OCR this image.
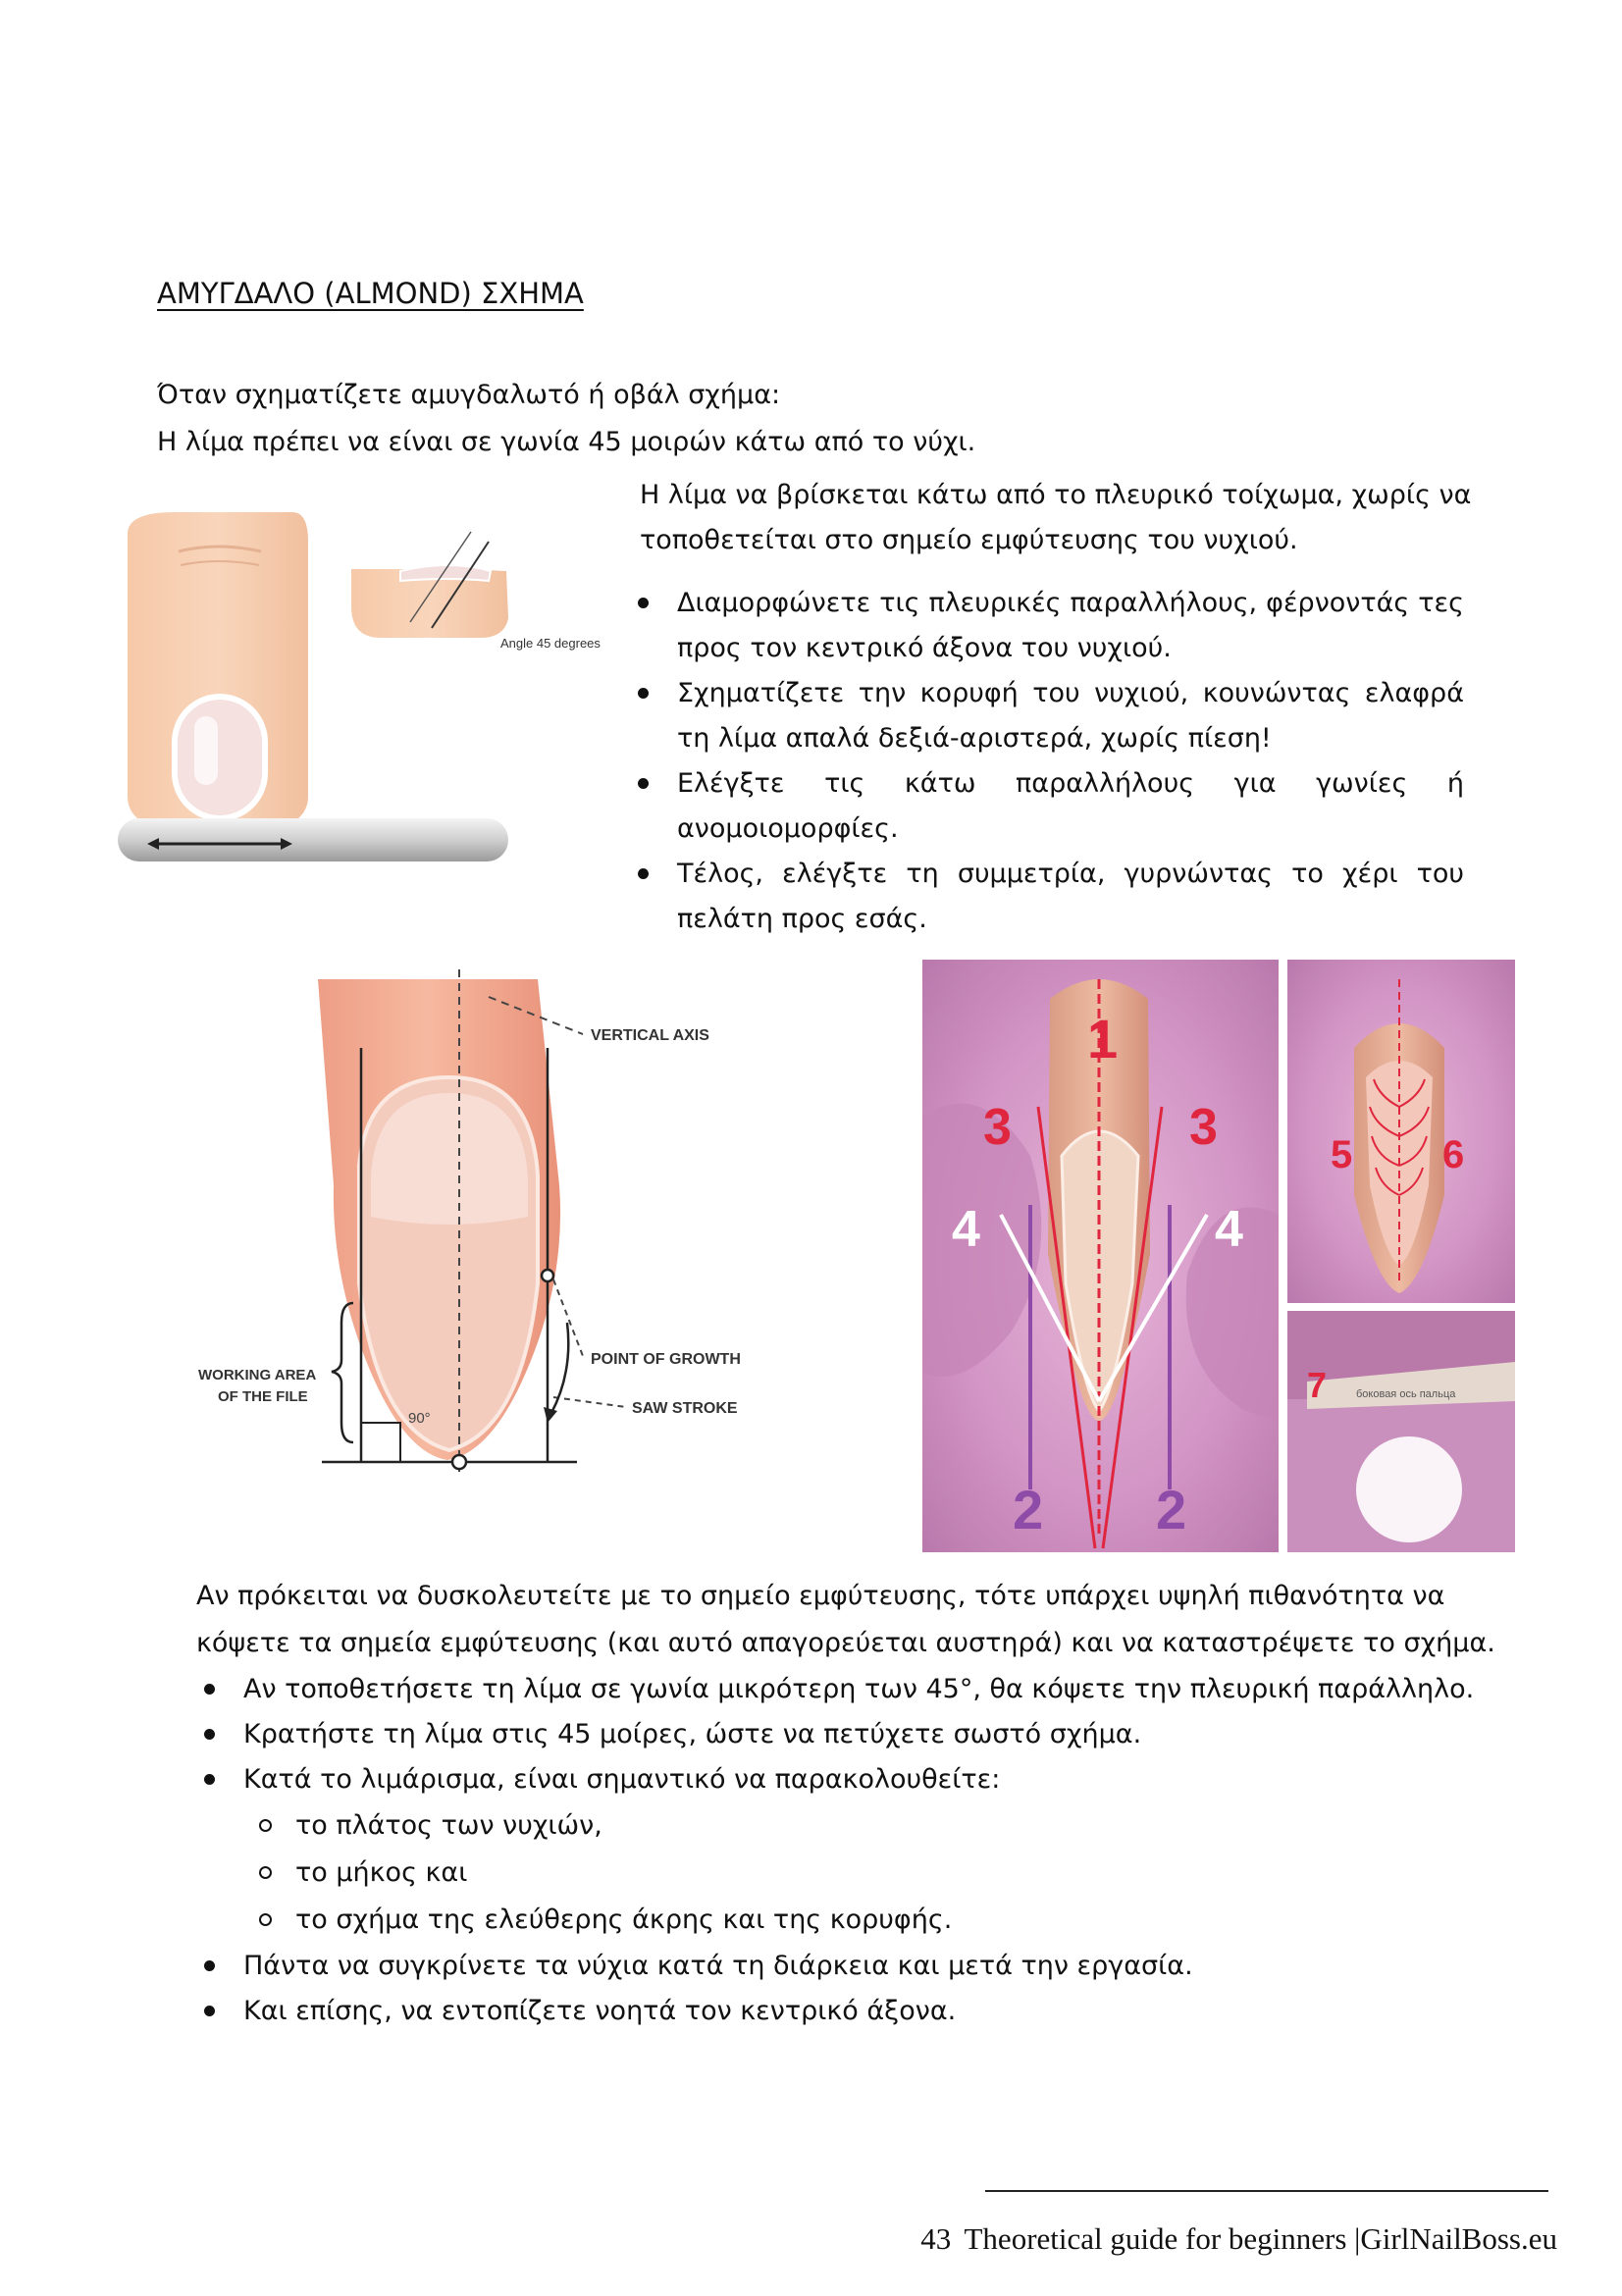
ΑΜΥΓΔΑΛΟ (ALMOND) ΣΧΗΜΑ
Όταν σχηματίζετε αμυγδαλωτό ή οβάλ σχήμα:
Η λίμα πρέπει να είναι σε γωνία 45 μοιρών κάτω από το νύχι.
Angle 45 degrees
Η λίμα να βρίσκεται κάτω από το πλευρικό τοίχωμα, χωρίς να
τοποθετείται στο σημείο εμφύτευσης του νυχιού.
Διαμορφώνετε τις πλευρικές παραλλήλους, φέρνοντάς τες προς τον κεντρικό άξονα του νυχιού.
Σχηματίζετε την κορυφή του νυχιού, κουνώντας ελαφρά τη λίμα απαλά δεξιά-αριστερά, χωρίς πίεση!
Ελέγξτε τις κάτω παραλλήλους για γωνίες ή ανομοιομορφίες.
Τέλος, ελέγξτε τη συμμετρία, γυρνώντας το χέρι του πελάτη προς εσάς.
VERTICAL AXIS
POINT OF GROWTH
SAW STROKE
WORKING AREA
OF THE FILE
90°
1
2 2
3	3
4	4
5 6
боковая ось пальца
7
Αν πρόκειται να δυσκολευτείτε με το σημείο εμφύτευσης, τότε υπάρχει υψηλή πιθανότητα να κόψετε τα σημεία εμφύτευσης (και αυτό απαγορεύεται αυστηρά) και να καταστρέψετε το σχήμα.
Αν τοποθετήσετε τη λίμα σε γωνία μικρότερη των 45°, θα κόψετε την πλευρική παράλληλο.
Κρατήστε τη λίμα στις 45 μοίρες, ώστε να πετύχετε σωστό σχήμα.
Κατά το λιμάρισμα, είναι σημαντικό να παρακολουθείτε:
το πλάτος των νυχιών,
το μήκος και
το σχήμα της ελεύθερης άκρης και της κορυφής.
Πάντα να συγκρίνετε τα νύχια κατά τη διάρκεια και μετά την εργασία.
Και επίσης, να εντοπίζετε νοητά τον κεντρικό άξονα.
43 Theoretical guide for beginners |GirlNailBoss.eu
